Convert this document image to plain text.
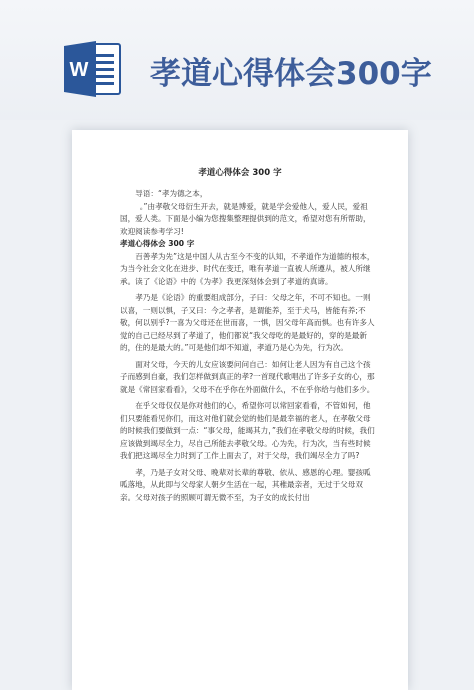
W 孝道心得体会300字
孝道心得体会 300 字

导语：“孝为德之本，

。”由孝敬父母衍生开去，就是博爱，就是学会爱他人，爱人民，爱祖国，爱人类。下面是小编为您搜集整理提供到的范文，希望对您有所帮助，欢迎阅读参考学习!

孝道心得体会 300 字

百善孝为先”这是中国人从古至今不变的认知，不孝道作为道德的根本，为当今社会文化在进步、时代在变迁，唯有孝道一直被人所遵从，被人所继承。读了《论语》中的《为孝》我更深刻体会到了孝道的真谛。

孝乃是《论语》的重要组成部分，子曰：父母之年，不可不知也。一则以喜，一则以惧，子又曰：今之孝者，是谓能养，至于犬马，皆能有养;不敬，何以别乎?一喜为父母还在世而喜，一惧，因父母年高而惧。也有许多人觉的自己已经尽到了孝道了，他们都说“我父母吃的是最好的，穿的是最新的，住的是最大的。”可是他们却不知道，孝道乃是心为先，行为次。

面对父母，今天的儿女应该要问问自己：如何让老人因为有自己这个孩子而感到自豪，我们怎样做到真正的孝?一首现代歌唱出了许多子女的心，那就是《常回家看看》，父母不在乎你在外面做什么，不在乎你给与他们多少。

在乎父母仅仅是你对他们的心，希望你可以常回家看看，不管如何，他们只要能看见你们，而这对他们就会觉的他们是最幸福的老人，在孝敬父母的时候我们要做到一点：“事父母，能竭其力，”我们在孝敬父母的时候，我们应该做到竭尽全力，尽自己所能去孝敬父母。心为先，行为次，当有些时候我们把这竭尽全力时到了工作上面去了，对于父母，我们竭尽全力了吗?

孝，乃是子女对父母、晚辈对长辈的尊敬、依从、感恩的心理。婴孩呱呱落地，从此即与父母家人朝夕生活在一起，其稚最亲者，无过于父母双亲。父母对孩子的照顾可谓无微不至，为子女的成长付出
